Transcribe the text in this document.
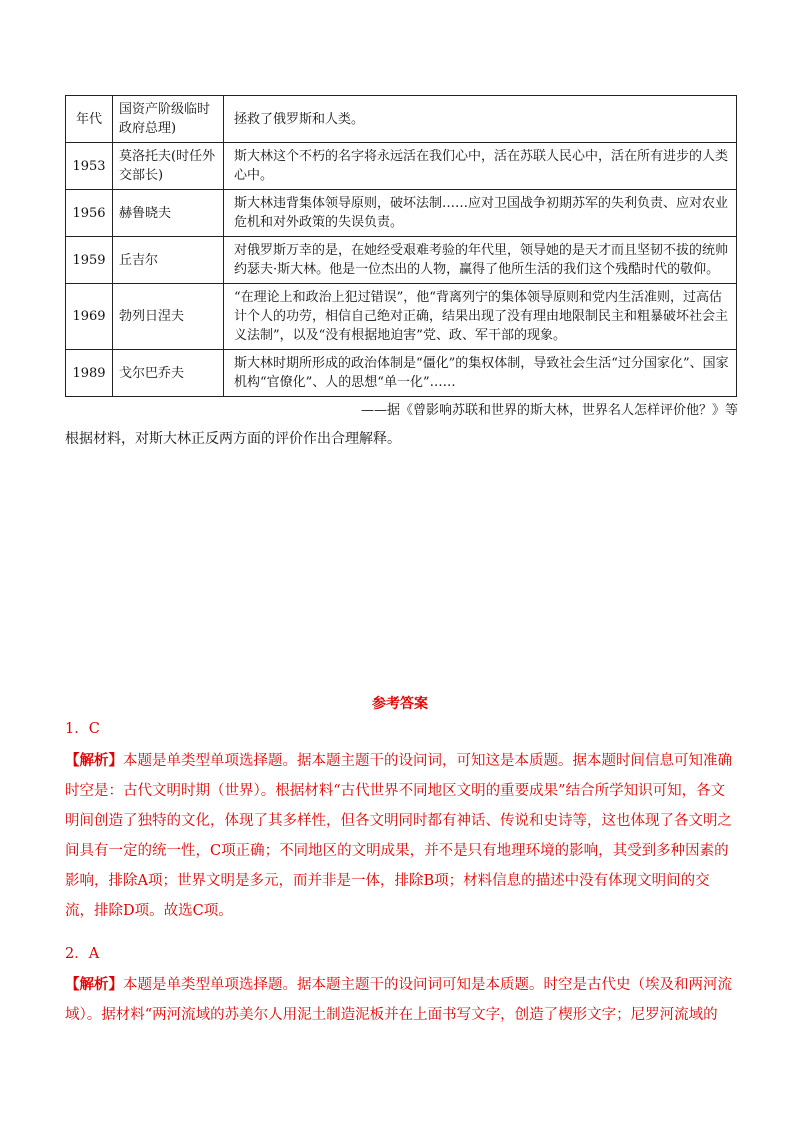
年代	国资产阶级临时政府总理)	拯救了俄罗斯和人类。
1953	莫洛托夫(时任外交部长)	斯大林这个不朽的名字将永远活在我们心中，活在苏联人民心中，活在所有进步的人类心中。
1956	赫鲁晓夫	斯大林违背集体领导原则，破坏法制……应对卫国战争初期苏军的失利负责、应对农业危机和对外政策的失误负责。
1959	丘吉尔	对俄罗斯万幸的是，在她经受艰难考验的年代里，领导她的是天才而且坚韧不拔的统帅约瑟夫·斯大林。他是一位杰出的人物，赢得了他所生活的我们这个残酷时代的敬仰。
1969	勃列日涅夫	“在理论上和政治上犯过错误”，他“背离列宁的集体领导原则和党内生活准则，过高估计个人的功劳，相信自己绝对正确，结果出现了没有理由地限制民主和粗暴破坏社会主义法制”，以及“没有根据地迫害”党、政、军干部的现象。
1989	戈尔巴乔夫	斯大林时期所形成的政治体制是“僵化”的集权体制，导致社会生活“过分国家化”、国家机构“官僚化”、人的思想“单一化”……
——据《曾影响苏联和世界的斯大林，世界名人怎样评价他？》等
根据材料，对斯大林正反两方面的评价作出合理解释。
参考答案
1．C
【解析】本题是单类型单项选择题。据本题主题干的设问词，可知这是本质题。据本题时间信息可知准确时空是：古代文明时期（世界）。根据材料“古代世界不同地区文明的重要成果”结合所学知识可知，各文明间创造了独特的文化，体现了其多样性，但各文明同时都有神话、传说和史诗等，这也体现了各文明之间具有一定的统一性，C项正确；不同地区的文明成果，并不是只有地理环境的影响，其受到多种因素的影响，排除A项；世界文明是多元，而并非是一体，排除B项；材料信息的描述中没有体现文明间的交流，排除D项。故选C项。
2．A
【解析】本题是单类型单项选择题。据本题主题干的设问词可知是本质题。时空是古代史（埃及和两河流域）。据材料“两河流域的苏美尔人用泥土制造泥板并在上面书写文字，创造了楔形文字；尼罗河流域的
